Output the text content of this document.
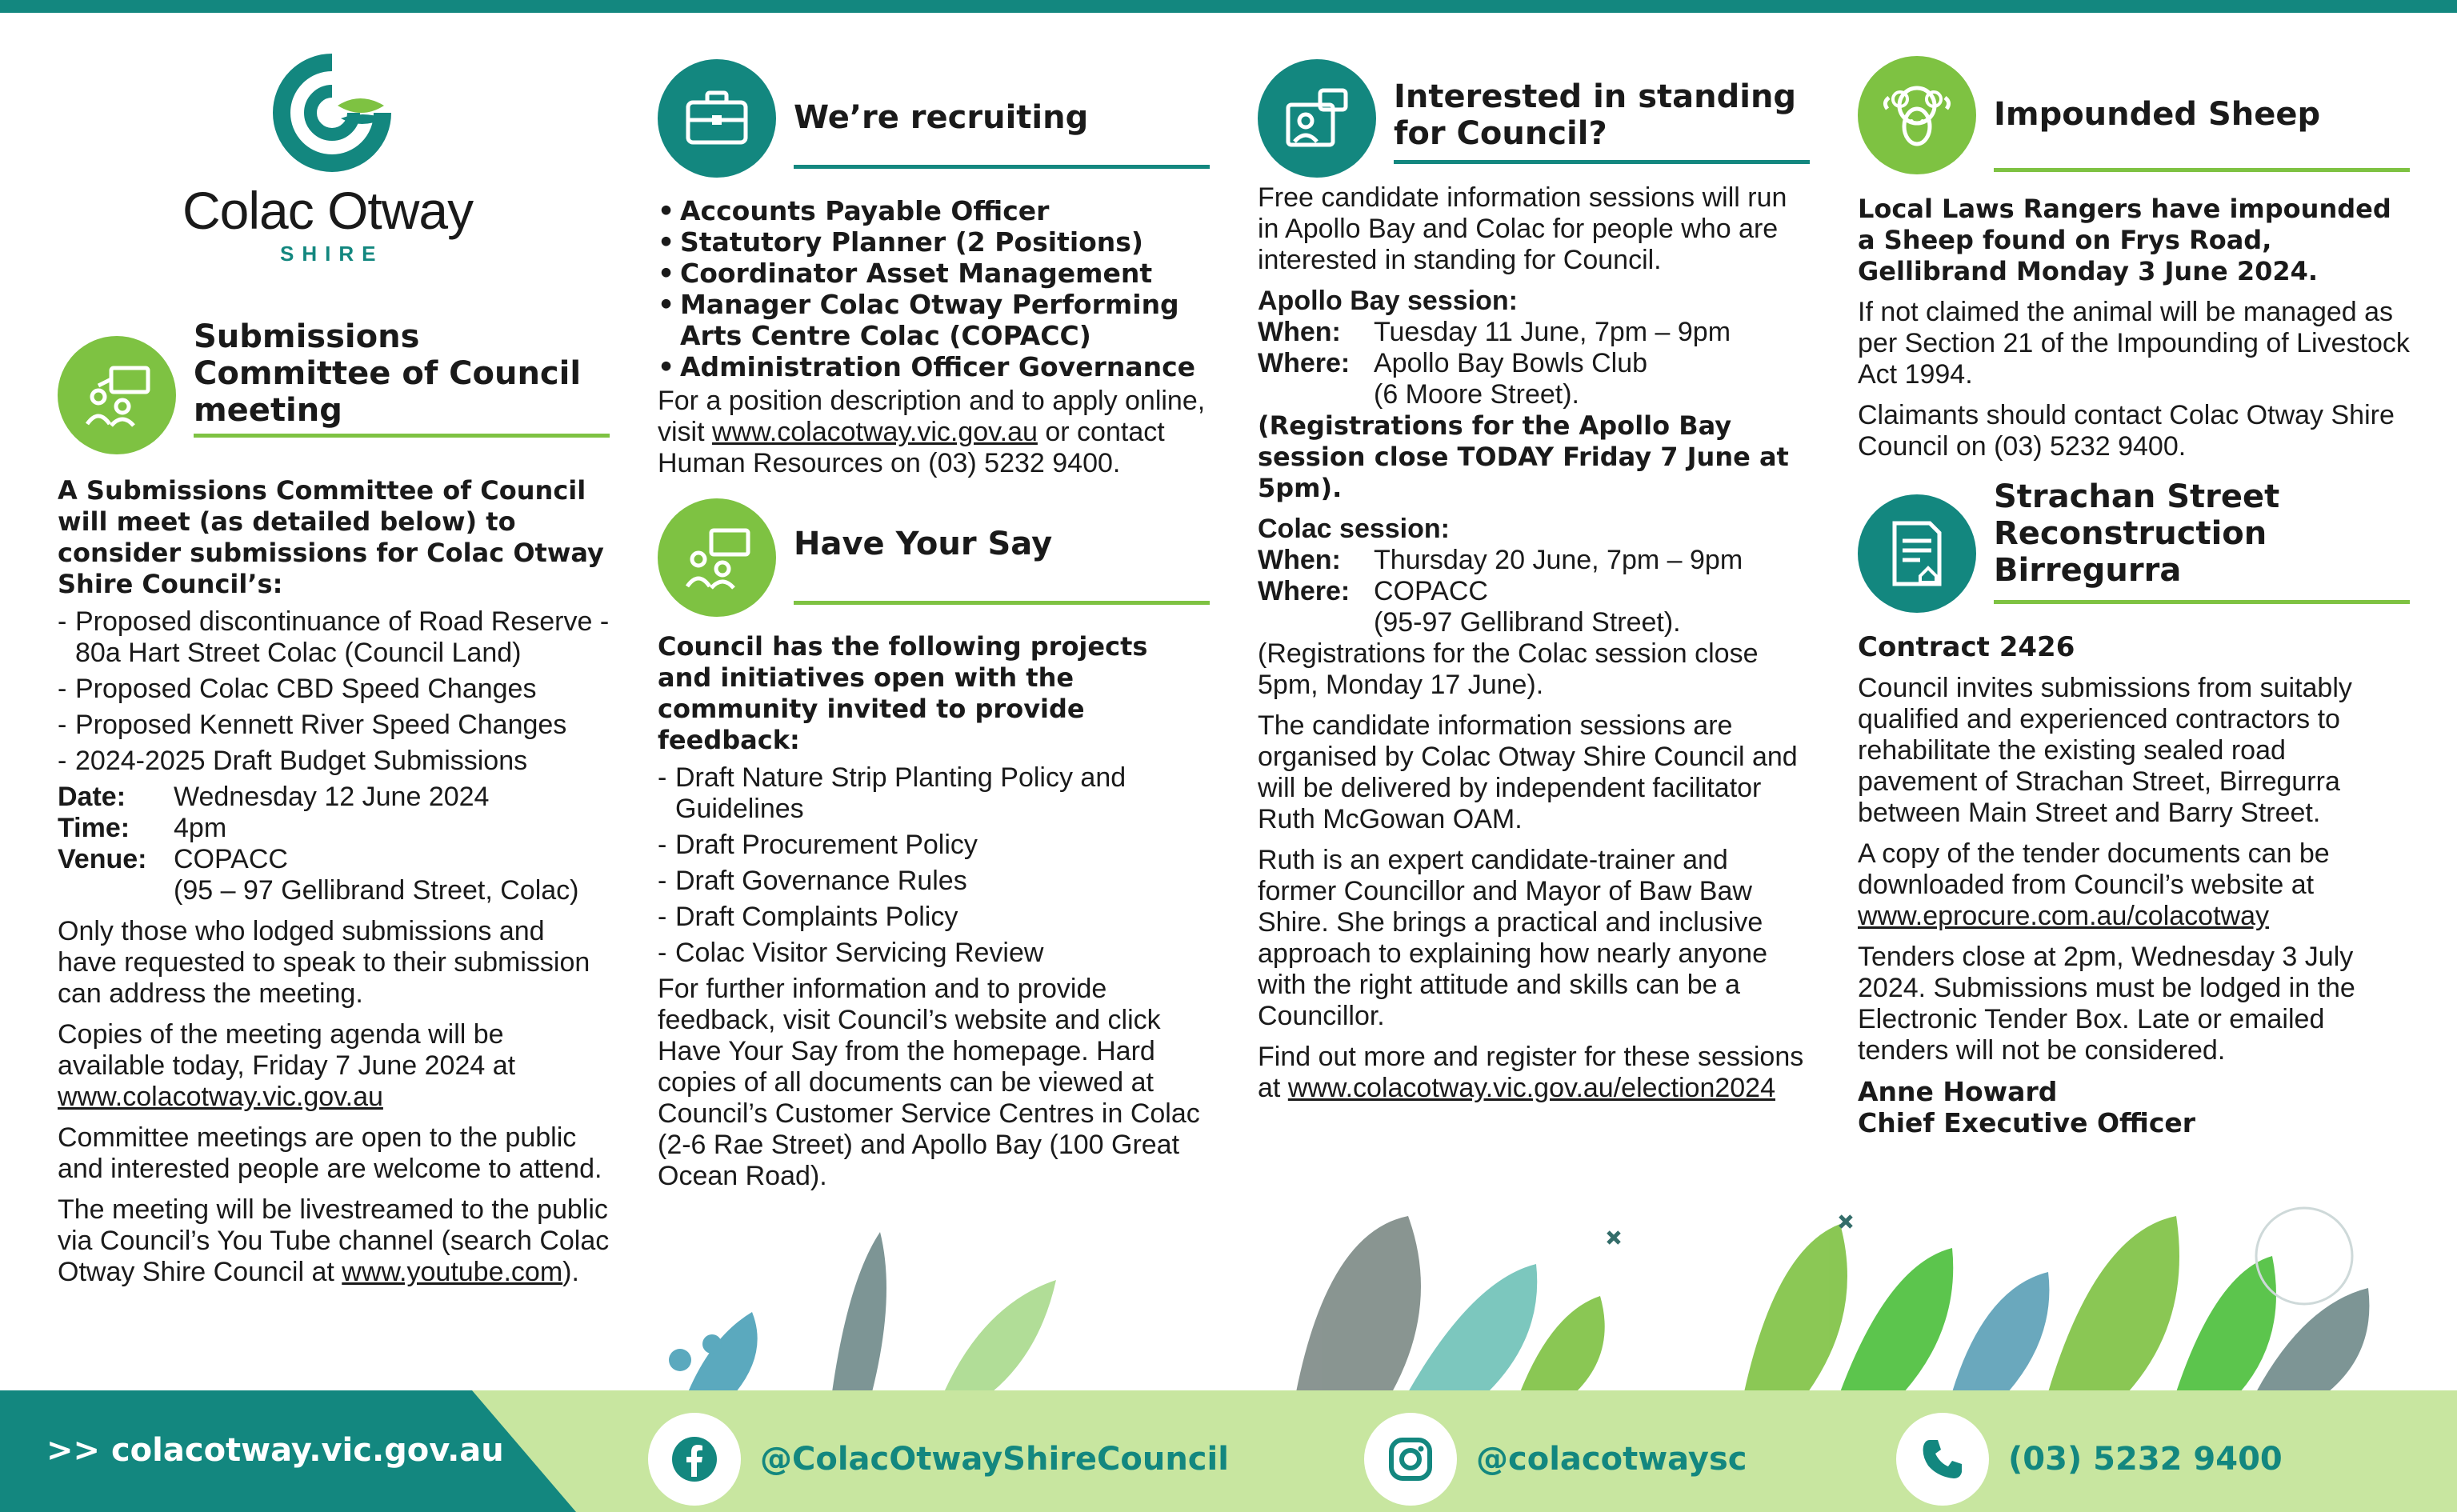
Colac Otway
SHIRE
Submissions
Committee of Council
meeting

A Submissions Committee of Council will meet (as detailed below) to consider submissions for Colac Otway Shire Council’s:

- Proposed discontinuance of Road Reserve - 80a Hart Street Colac (Council Land)
- Proposed Colac CBD Speed Changes
- Proposed Kennett River Speed Changes
- 2024-2025 Draft Budget Submissions
Date:	Wednesday 12 June 2024
Time:	4pm
Venue: COPACC
(95 – 97 Gellibrand Street, Colac)

Only those who lodged submissions and have requested to speak to their submission can address the meeting.

Copies of the meeting agenda will be available today, Friday 7 June 2024 at www.colacotway.vic.gov.au

Committee meetings are open to the public and interested people are welcome to attend.

The meeting will be livestreamed to the public via Council’s You Tube channel (search Colac Otway Shire Council at www.youtube.com).

We’re recruiting
• Accounts Payable Officer
• Statutory Planner (2 Positions)
• Coordinator Asset Management
• Manager Colac Otway Performing Arts Centre Colac (COPACC)
• Administration Officer Governance

For a position description and to apply online, visit www.colacotway.vic.gov.au or contact Human Resources on (03) 5232 9400.

Have Your Say

Council has the following projects and initiatives open with the community invited to provide feedback:

- Draft Nature Strip Planting Policy and Guidelines
- Draft Procurement Policy
- Draft Governance Rules
- Draft Complaints Policy
- Colac Visitor Servicing Review

For further information and to provide feedback, visit Council’s website and click Have Your Say from the homepage. Hard copies of all documents can be viewed at Council’s Customer Service Centres in Colac (2-6 Rae Street) and Apollo Bay (100 Great Ocean Road).

Interested in standing
for Council?

Free candidate information sessions will run in Apollo Bay and Colac for people who are interested in standing for Council.

Apollo Bay session:

When:	Tuesday 11 June, 7pm – 9pm
Where: Apollo Bay Bowls Club
(6 Moore Street).

(Registrations for the Apollo Bay session close TODAY Friday 7 June at 5pm).

Colac session:

When:	Thursday 20 June, 7pm – 9pm
Where: COPACC
(95-97 Gellibrand Street).

(Registrations for the Colac session close 5pm, Monday 17 June).

The candidate information sessions are organised by Colac Otway Shire Council and will be delivered by independent facilitator Ruth McGowan OAM.

Ruth is an expert candidate-trainer and former Councillor and Mayor of Baw Baw Shire. She brings a practical and inclusive approach to explaining how nearly anyone with the right attitude and skills can be a Councillor.

Find out more and register for these sessions at www.colacotway.vic.gov.au/election2024

Impounded Sheep

Local Laws Rangers have impounded a Sheep found on Frys Road, Gellibrand Monday 3 June 2024.

If not claimed the animal will be managed as per Section 21 of the Impounding of Livestock Act 1994.

Claimants should contact Colac Otway Shire Council on (03) 5232 9400.

Strachan Street
Reconstruction
Birregurra

Contract 2426

Council invites submissions from suitably qualified and experienced contractors to rehabilitate the existing sealed road pavement of Strachan Street, Birregurra between Main Street and Barry Street.

A copy of the tender documents can be downloaded from Council’s website at www.eprocure.com.au/colacotway

Tenders close at 2pm, Wednesday 3 July 2024. Submissions must be lodged in the Electronic Tender Box. Late or emailed tenders will not be considered.

Anne Howard

Chief Executive Officer

>> colacotway.vic.gov.au	@ColacOtwayShireCouncil	@colacotwaysc	(03) 5232 9400
